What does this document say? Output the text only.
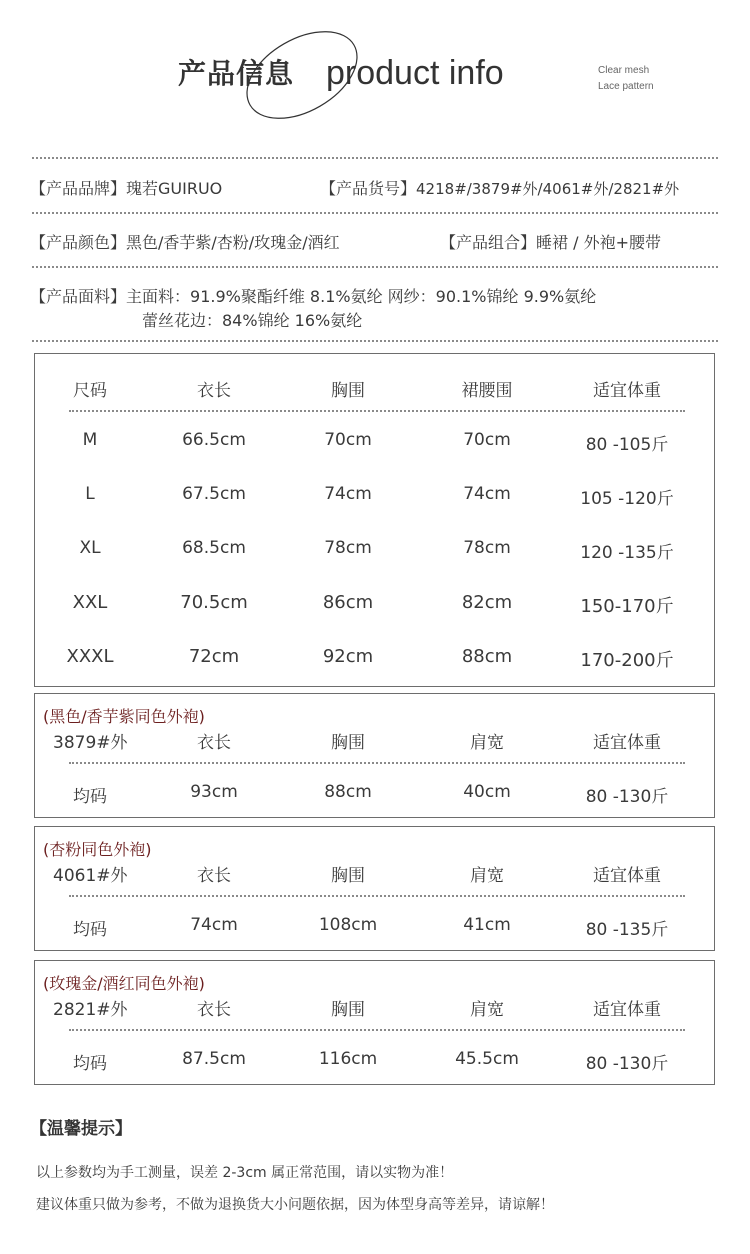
产品信息 product info	Clear mesh
Lace pattern
【产品品牌】瑰若GUIRUO	【产品货号】4218#/3879#外/4061#外/2821#外
【产品颜色】黑色/香芋紫/杏粉/玫瑰金/酒红	【产品组合】睡裙 / 外袍+腰带
【产品面料】主面料：91.9%聚酯纤维 8.1%氨纶 网纱：90.1%锦纶 9.9%氨纶
蕾丝花边：84%锦纶 16%氨纶
尺码	衣长	胸围	裙腰围	适宜体重
M	66.5cm	70cm	70cm	80 -105斤
L	67.5cm	74cm	74cm	105 -120斤
XL	68.5cm	78cm	78cm	120 -135斤
XXL	70.5cm	86cm	82cm	150-170斤
XXXL	72cm	92cm	88cm	170-200斤
(黑色/香芋紫同色外袍)
3879#外	衣长	胸围	肩宽	适宜体重
均码	93cm	88cm	40cm	80 -130斤
(杏粉同色外袍)
4061#外	衣长	胸围	肩宽	适宜体重
均码	74cm	108cm	41cm	80 -135斤
(玫瑰金/酒红同色外袍)
2821#外	衣长	胸围	肩宽	适宜体重
均码	87.5cm	116cm	45.5cm	80 -130斤
【温馨提示】
以上参数均为手工测量，误差 2-3cm 属正常范围，请以实物为准！
建议体重只做为参考，不做为退换货大小问题依据，因为体型身高等差异，请谅解！
